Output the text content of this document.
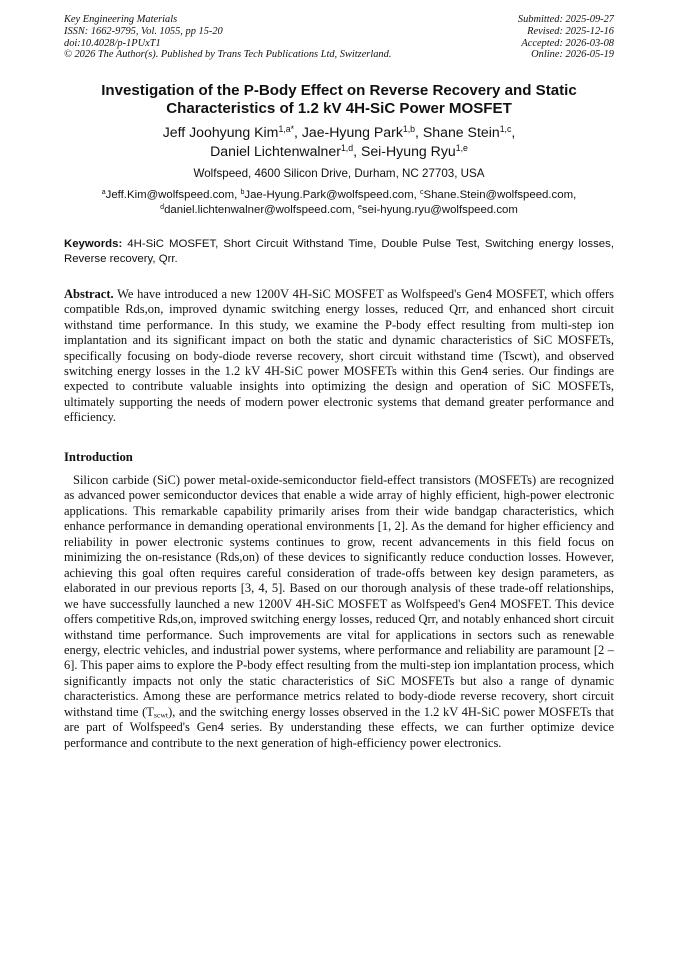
Key Engineering Materials
ISSN: 1662-9795, Vol. 1055, pp 15-20
doi:10.4028/p-1PUxT1
© 2026 The Author(s). Published by Trans Tech Publications Ltd, Switzerland.
Submitted: 2025-09-27
Revised: 2025-12-16
Accepted: 2026-03-08
Online: 2026-05-19
Investigation of the P-Body Effect on Reverse Recovery and Static
Characteristics of 1.2 kV 4H-SiC Power MOSFET
Jeff Joohyung Kim$^{1,a*}$, Jae-Hyung Park$^{1,b}$, Shane Stein$^{1,c}$,
Daniel Lichtenwalner$^{1,d}$, Sei-Hyung Ryu$^{1,e}$
Wolfspeed, 4600 Silicon Drive, Durham, NC 27703, USA
$^a$Jeff.Kim@wolfspeed.com, $^b$Jae-Hyung.Park@wolfspeed.com, $^c$Shane.Stein@wolfspeed.com,
$^d$daniel.lichtenwalner@wolfspeed.com, $^e$sei-hyung.ryu@wolfspeed.com
Keywords: 4H-SiC MOSFET, Short Circuit Withstand Time, Double Pulse Test, Switching energy losses, Reverse recovery, Qrr.
Abstract. We have introduced a new 1200V 4H-SiC MOSFET as Wolfspeed's Gen4 MOSFET, which offers compatible Rds,on, improved dynamic switching energy losses, reduced Qrr, and enhanced short circuit withstand time performance. In this study, we examine the P-body effect resulting from multi-step ion implantation and its significant impact on both the static and dynamic characteristics of SiC MOSFETs, specifically focusing on body-diode reverse recovery, short circuit withstand time (Tscwt), and observed switching energy losses in the 1.2 kV 4H-SiC power MOSFETs within this Gen4 series. Our findings are expected to contribute valuable insights into optimizing the design and operation of SiC MOSFETs, ultimately supporting the needs of modern power electronic systems that demand greater performance and efficiency.
Introduction
Silicon carbide (SiC) power metal-oxide-semiconductor field-effect transistors (MOSFETs) are recognized as advanced power semiconductor devices that enable a wide array of highly efficient, high-power electronic applications. This remarkable capability primarily arises from their wide bandgap characteristics, which enhance performance in demanding operational environments [1, 2]. As the demand for higher efficiency and reliability in power electronic systems continues to grow, recent advancements in this field focus on minimizing the on-resistance (Rds,on) of these devices to significantly reduce conduction losses. However, achieving this goal often requires careful consideration of trade-offs between key design parameters, as elaborated in our previous reports [3, 4, 5]. Based on our thorough analysis of these trade-off relationships, we have successfully launched a new 1200V 4H-SiC MOSFET as Wolfspeed's Gen4 MOSFET. This device offers competitive Rds,on, improved switching energy losses, reduced Qrr, and notably enhanced short circuit withstand time performance. Such improvements are vital for applications in sectors such as renewable energy, electric vehicles, and industrial power systems, where performance and reliability are paramount [2 – 6]. This paper aims to explore the P-body effect resulting from the multi-step ion implantation process, which significantly impacts not only the static characteristics of SiC MOSFETs but also a range of dynamic characteristics. Among these are performance metrics related to body-diode reverse recovery, short circuit withstand time $(T_{scwt})$, and the switching energy losses observed in the 1.2 kV 4H-SiC power MOSFETs that are part of Wolfspeed's Gen4 series. By understanding these effects, we can further optimize device performance and contribute to the next generation of high-efficiency power electronics.
